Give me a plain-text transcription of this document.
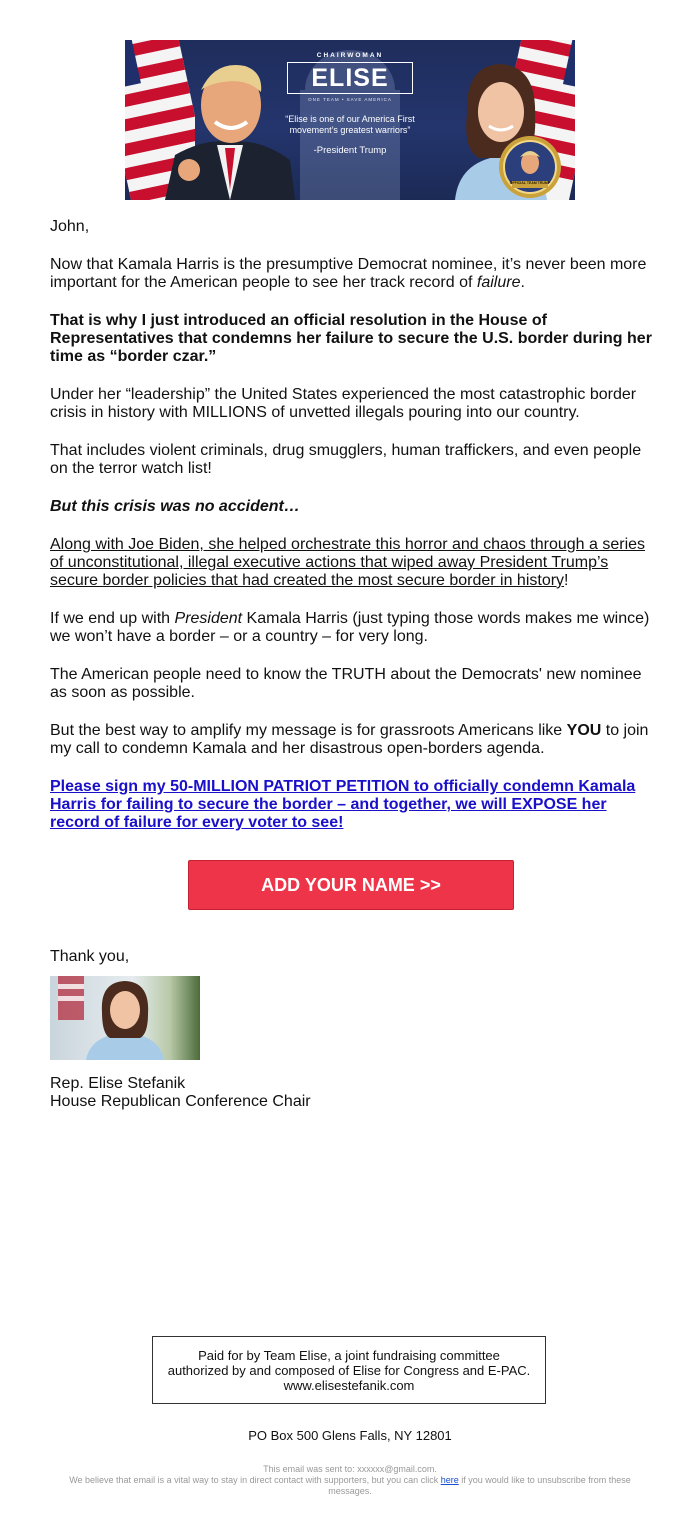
CHAIRWOMAN
ELISE
ONE TEAM • SAVE AMERICA
“Elise is one of our America First movement’s greatest warriors”
-President Trump
OFFICIAL TEAM TRUMP

John,

Now that Kamala Harris is the presumptive Democrat nominee, it’s never been more important for the American people to see her track record of failure.

That is why I just introduced an official resolution in the House of Representatives that condemns her failure to secure the U.S. border during her time as “border czar.”

Under her “leadership” the United States experienced the most catastrophic border crisis in history with MILLIONS of unvetted illegals pouring into our country.

That includes violent criminals, drug smugglers, human traffickers, and even people on the terror watch list!

But this crisis was no accident…

Along with Joe Biden, she helped orchestrate this horror and chaos through a series of unconstitutional, illegal executive actions that wiped away President Trump’s secure border policies that had created the most secure border in history!

If we end up with President Kamala Harris (just typing those words makes me wince) we won’t have a border – or a country – for very long.

The American people need to know the TRUTH about the Democrats' new nominee as soon as possible.

But the best way to amplify my message is for grassroots Americans like YOU to join my call to condemn Kamala and her disastrous open-borders agenda.

Please sign my 50-MILLION PATRIOT PETITION to officially condemn Kamala Harris for failing to secure the border – and together, we will EXPOSE her record of failure for every voter to see!

ADD YOUR NAME >>

Thank you,

Rep. Elise Stefanik

House Republican Conference Chair

Paid for by Team Elise, a joint fundraising committee authorized by and composed of Elise for Congress and E-PAC. www.elisestefanik.com
PO Box 500 Glens Falls, NY 12801
This email was sent to: xxxxxx@gmail.com.
We believe that email is a vital way to stay in direct contact with supporters, but you can click here if you would like to unsubscribe from these messages.
